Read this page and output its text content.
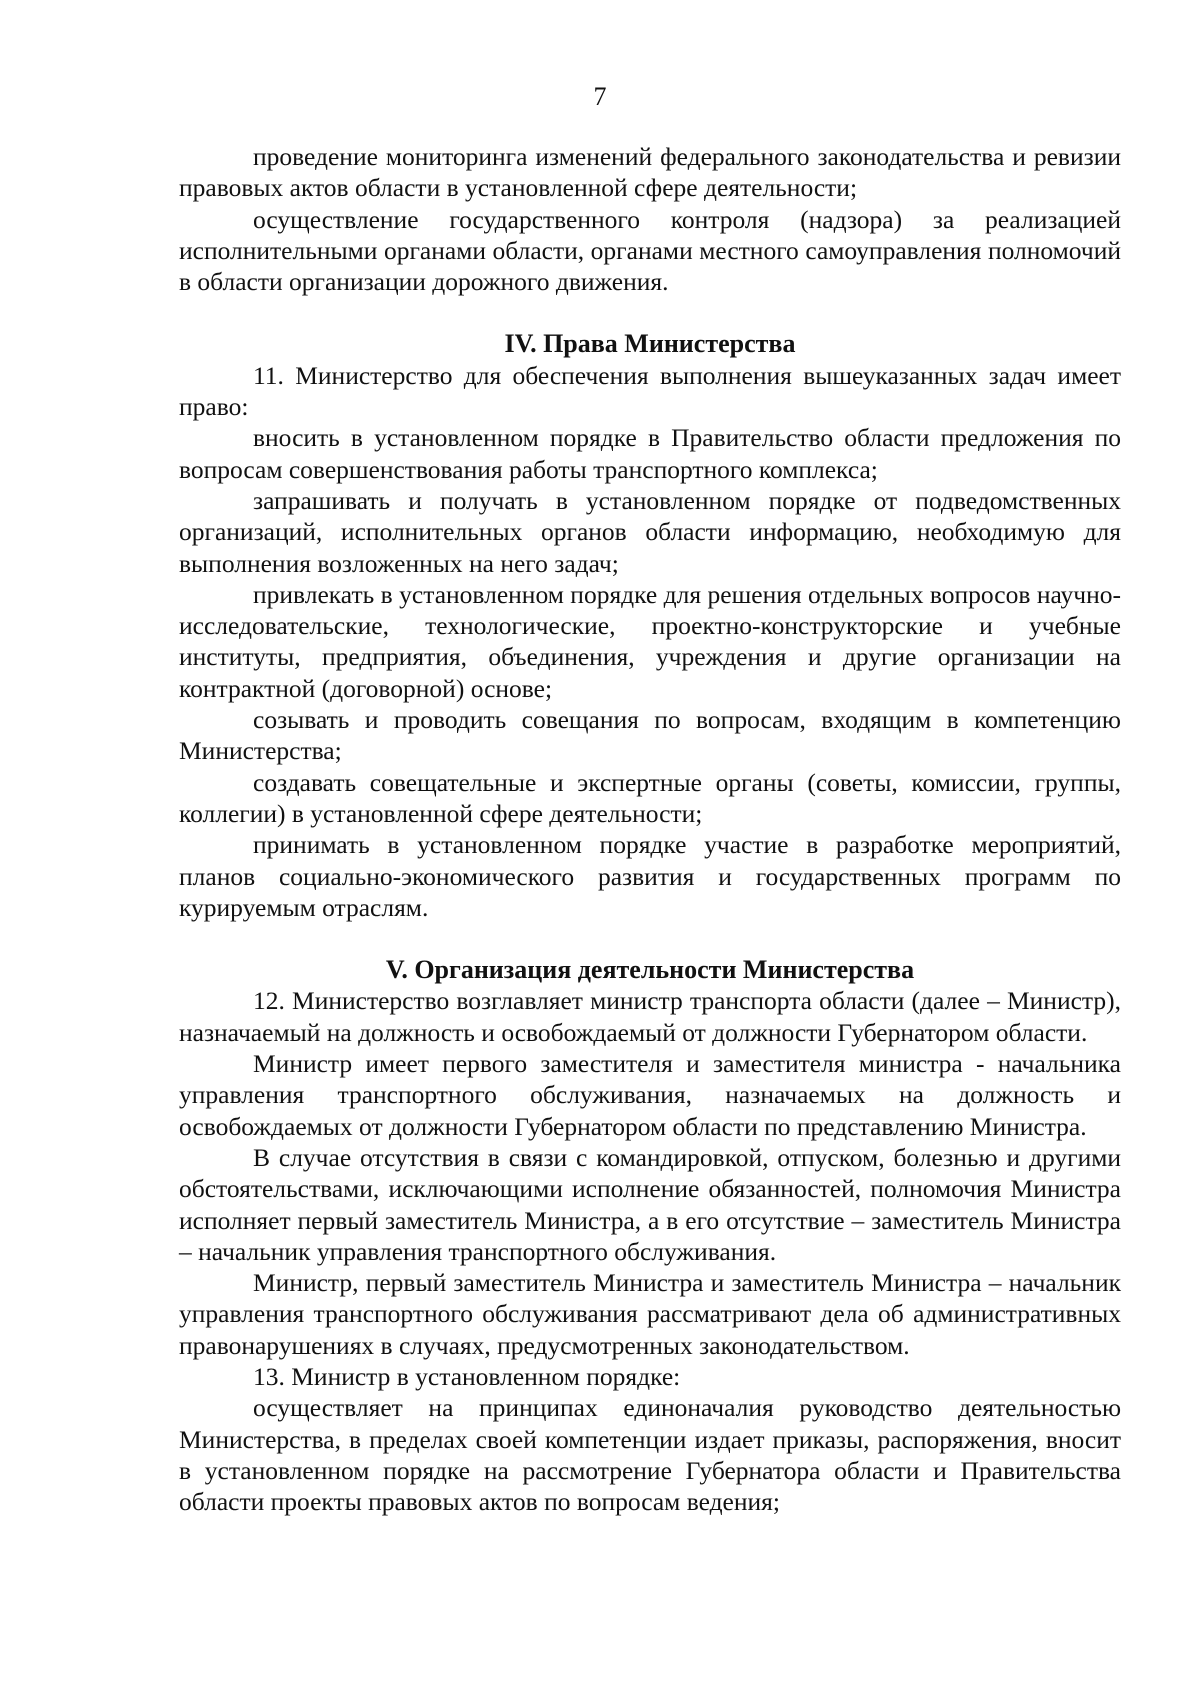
7

проведение мониторинга изменений федерального законодательства и ревизии правовых актов области в установленной сфере деятельности;

осуществление государственного контроля (надзора) за реализацией исполнительными органами области, органами местного самоуправления полномочий в области организации дорожного движения.

IV. Права Министерства

11. Министерство для обеспечения выполнения вышеуказанных задач имеет право:

вносить в установленном порядке в Правительство области предложения по вопросам совершенствования работы транспортного комплекса;

запрашивать и получать в установленном порядке от подведомственных организаций, исполнительных органов области информацию, необходимую для выполнения возложенных на него задач;

привлекать в установленном порядке для решения отдельных вопросов научно-исследовательские, технологические, проектно-конструкторские и учебные институты, предприятия, объединения, учреждения и другие организации на контрактной (договорной) основе;

созывать и проводить совещания по вопросам, входящим в компетенцию Министерства;

создавать совещательные и экспертные органы (советы, комиссии, группы, коллегии) в установленной сфере деятельности;

принимать в установленном порядке участие в разработке мероприятий, планов социально-экономического развития и государственных программ по курируемым отраслям.

V. Организация деятельности Министерства

12. Министерство возглавляет министр транспорта области (далее – Министр), назначаемый на должность и освобождаемый от должности Губернатором области.

Министр имеет первого заместителя и заместителя министра - начальника управления транспортного обслуживания, назначаемых на должность и освобождаемых от должности Губернатором области по представлению Министра.

В случае отсутствия в связи с командировкой, отпуском, болезнью и другими обстоятельствами, исключающими исполнение обязанностей, полномочия Министра исполняет первый заместитель Министра, а в его отсутствие – заместитель Министра – начальник управления транспортного обслуживания.

Министр, первый заместитель Министра и заместитель Министра – начальник управления транспортного обслуживания рассматривают дела об административных правонарушениях в случаях, предусмотренных законодательством.

13. Министр в установленном порядке:

осуществляет на принципах единоначалия руководство деятельностью Министерства, в пределах своей компетенции издает приказы, распоряжения, вносит в установленном порядке на рассмотрение Губернатора области и Правительства области проекты правовых актов по вопросам ведения;
